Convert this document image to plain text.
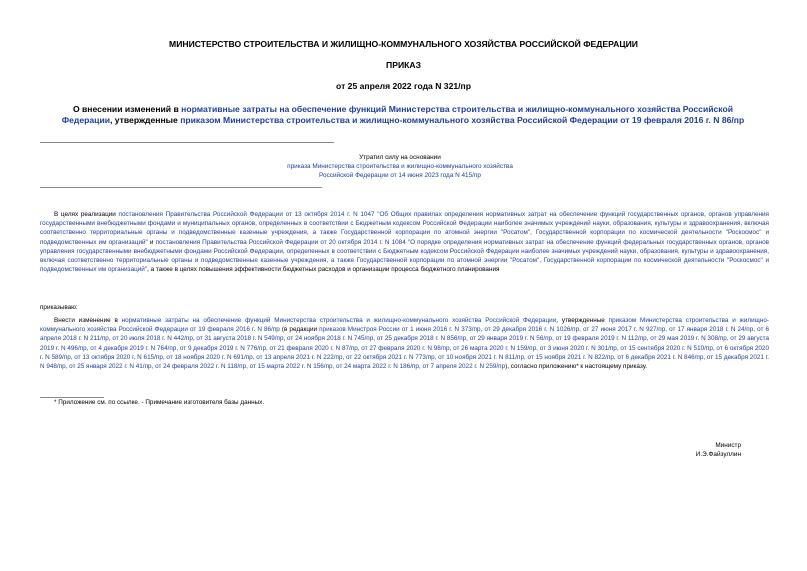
МИНИСТЕРСТВО СТРОИТЕЛЬСТВА И ЖИЛИЩНО-КОММУНАЛЬНОГО ХОЗЯЙСТВА РОССИЙСКОЙ ФЕДЕРАЦИИ
ПРИКАЗ
от 25 апреля 2022 года N 321/пр
О внесении изменений в нормативные затраты на обеспечение функций Министерства строительства и жилищно-коммунального хозяйства Российской Федерации, утвержденные приказом Министерства строительства и жилищно-коммунального хозяйства Российской Федерации от 19 февраля 2016 г. N 86/пр
Утратил силу на основании
приказа Министерства строительства и жилищно-коммунального хозяйства
Российской Федерации от 14 июня 2023 года N 415/пр

В целях реализации постановления Правительства Российской Федерации от 13 октября 2014 г. N 1047 "Об Общих правилах определения нормативных затрат на обеспечение функций государственных органов, органов управления государственными внебюджетными фондами и муниципальных органов, определенных в соответствии с Бюджетным кодексом Российской Федерации наиболее значимых учреждений науки, образования, культуры и здравоохранения, включая соответственно территориальные органы и подведомственные казенные учреждения, а также Государственной корпорации по атомной энергии "Росатом", Государственной корпорации по космической деятельности "Роскосмос" и подведомственных им организаций" и постановления Правительства Российской Федерации от 20 октября 2014 г. N 1084 "О порядке определения нормативных затрат на обеспечение функций федеральных государственных органов, органов управления государственными внебюджетными фондами Российской Федерации, определенных в соответствии с Бюджетным кодексом Российской Федерации наиболее значимых учреждений науки, образования, культуры и здравоохранения, включая соответственно территориальные органы и подведомственные казенные учреждения, а также Государственной корпорации по атомной энергии "Росатом", Государственной корпорации по космической деятельности "Роскосмос" и подведомственных им организаций", а также в целях повышения эффективности бюджетных расходов и организации процесса бюджетного планирования

приказываю:

Внести изменение в нормативные затраты на обеспечение функций Министерства строительства и жилищно-коммунального хозяйства Российской Федерации, утвержденные приказом Министерства строительства и жилищно-коммунального хозяйства Российской Федерации от 19 февраля 2016 г. N 86/пр (в редакции приказов Минстроя России от 1 июня 2016 г. N 373/пр, от 29 декабря 2016 г. N 1026/пр, от 27 июня 2017 г. N 927/пр, от 17 января 2018 г. N 24/пр, от 6 апреля 2018 г. N 211/пр, от 20 июля 2018 г. N 442/пр, от 31 августа 2018 г. N 549/пр, от 24 ноября 2018 г. N 745/пр, от 25 декабря 2018 г. N 856/пр, от 29 января 2019 г. N 56/пр, от 19 февраля 2019 г. N 112/пр, от 29 мая 2019 г. N 308/пр, от 29 августа 2019 г. N 496/пр, от 4 декабря 2019 г. N 764/пр, от 9 декабря 2019 г. N 776/пр, от 21 февраля 2020 г. N 87/пр, от 27 февраля 2020 г. N 98/пр, от 26 марта 2020 г. N 159/пр, от 3 июня 2020 г. N 301/пр, от 15 сентября 2020 г. N 510/пр, от 6 октября 2020 г. N 589/пр, от 13 октября 2020 г. N 615/пр, от 18 ноября 2020 г. N 691/пр, от 13 апреля 2021 г. N 222/пр, от 22 октября 2021 г. N 773/пр, от 10 ноября 2021 г. N 811/пр, от 15 ноября 2021 г. N 822/пр, от 6 декабря 2021 г. N 846/пр, от 15 декабря 2021 г. N 948/пр, от 25 января 2022 г. N 41/пр, от 24 февраля 2022 г. N 118/пр, от 15 марта 2022 г. N 156/пр, от 24 марта 2022 г. N 186/пр, от 7 апреля 2022 г. N 259/пр), согласно приложению* к настоящему приказу.

* Приложение см. по ссылке. - Примечание изготовителя базы данных.
Министр
И.Э.Файзуллин
